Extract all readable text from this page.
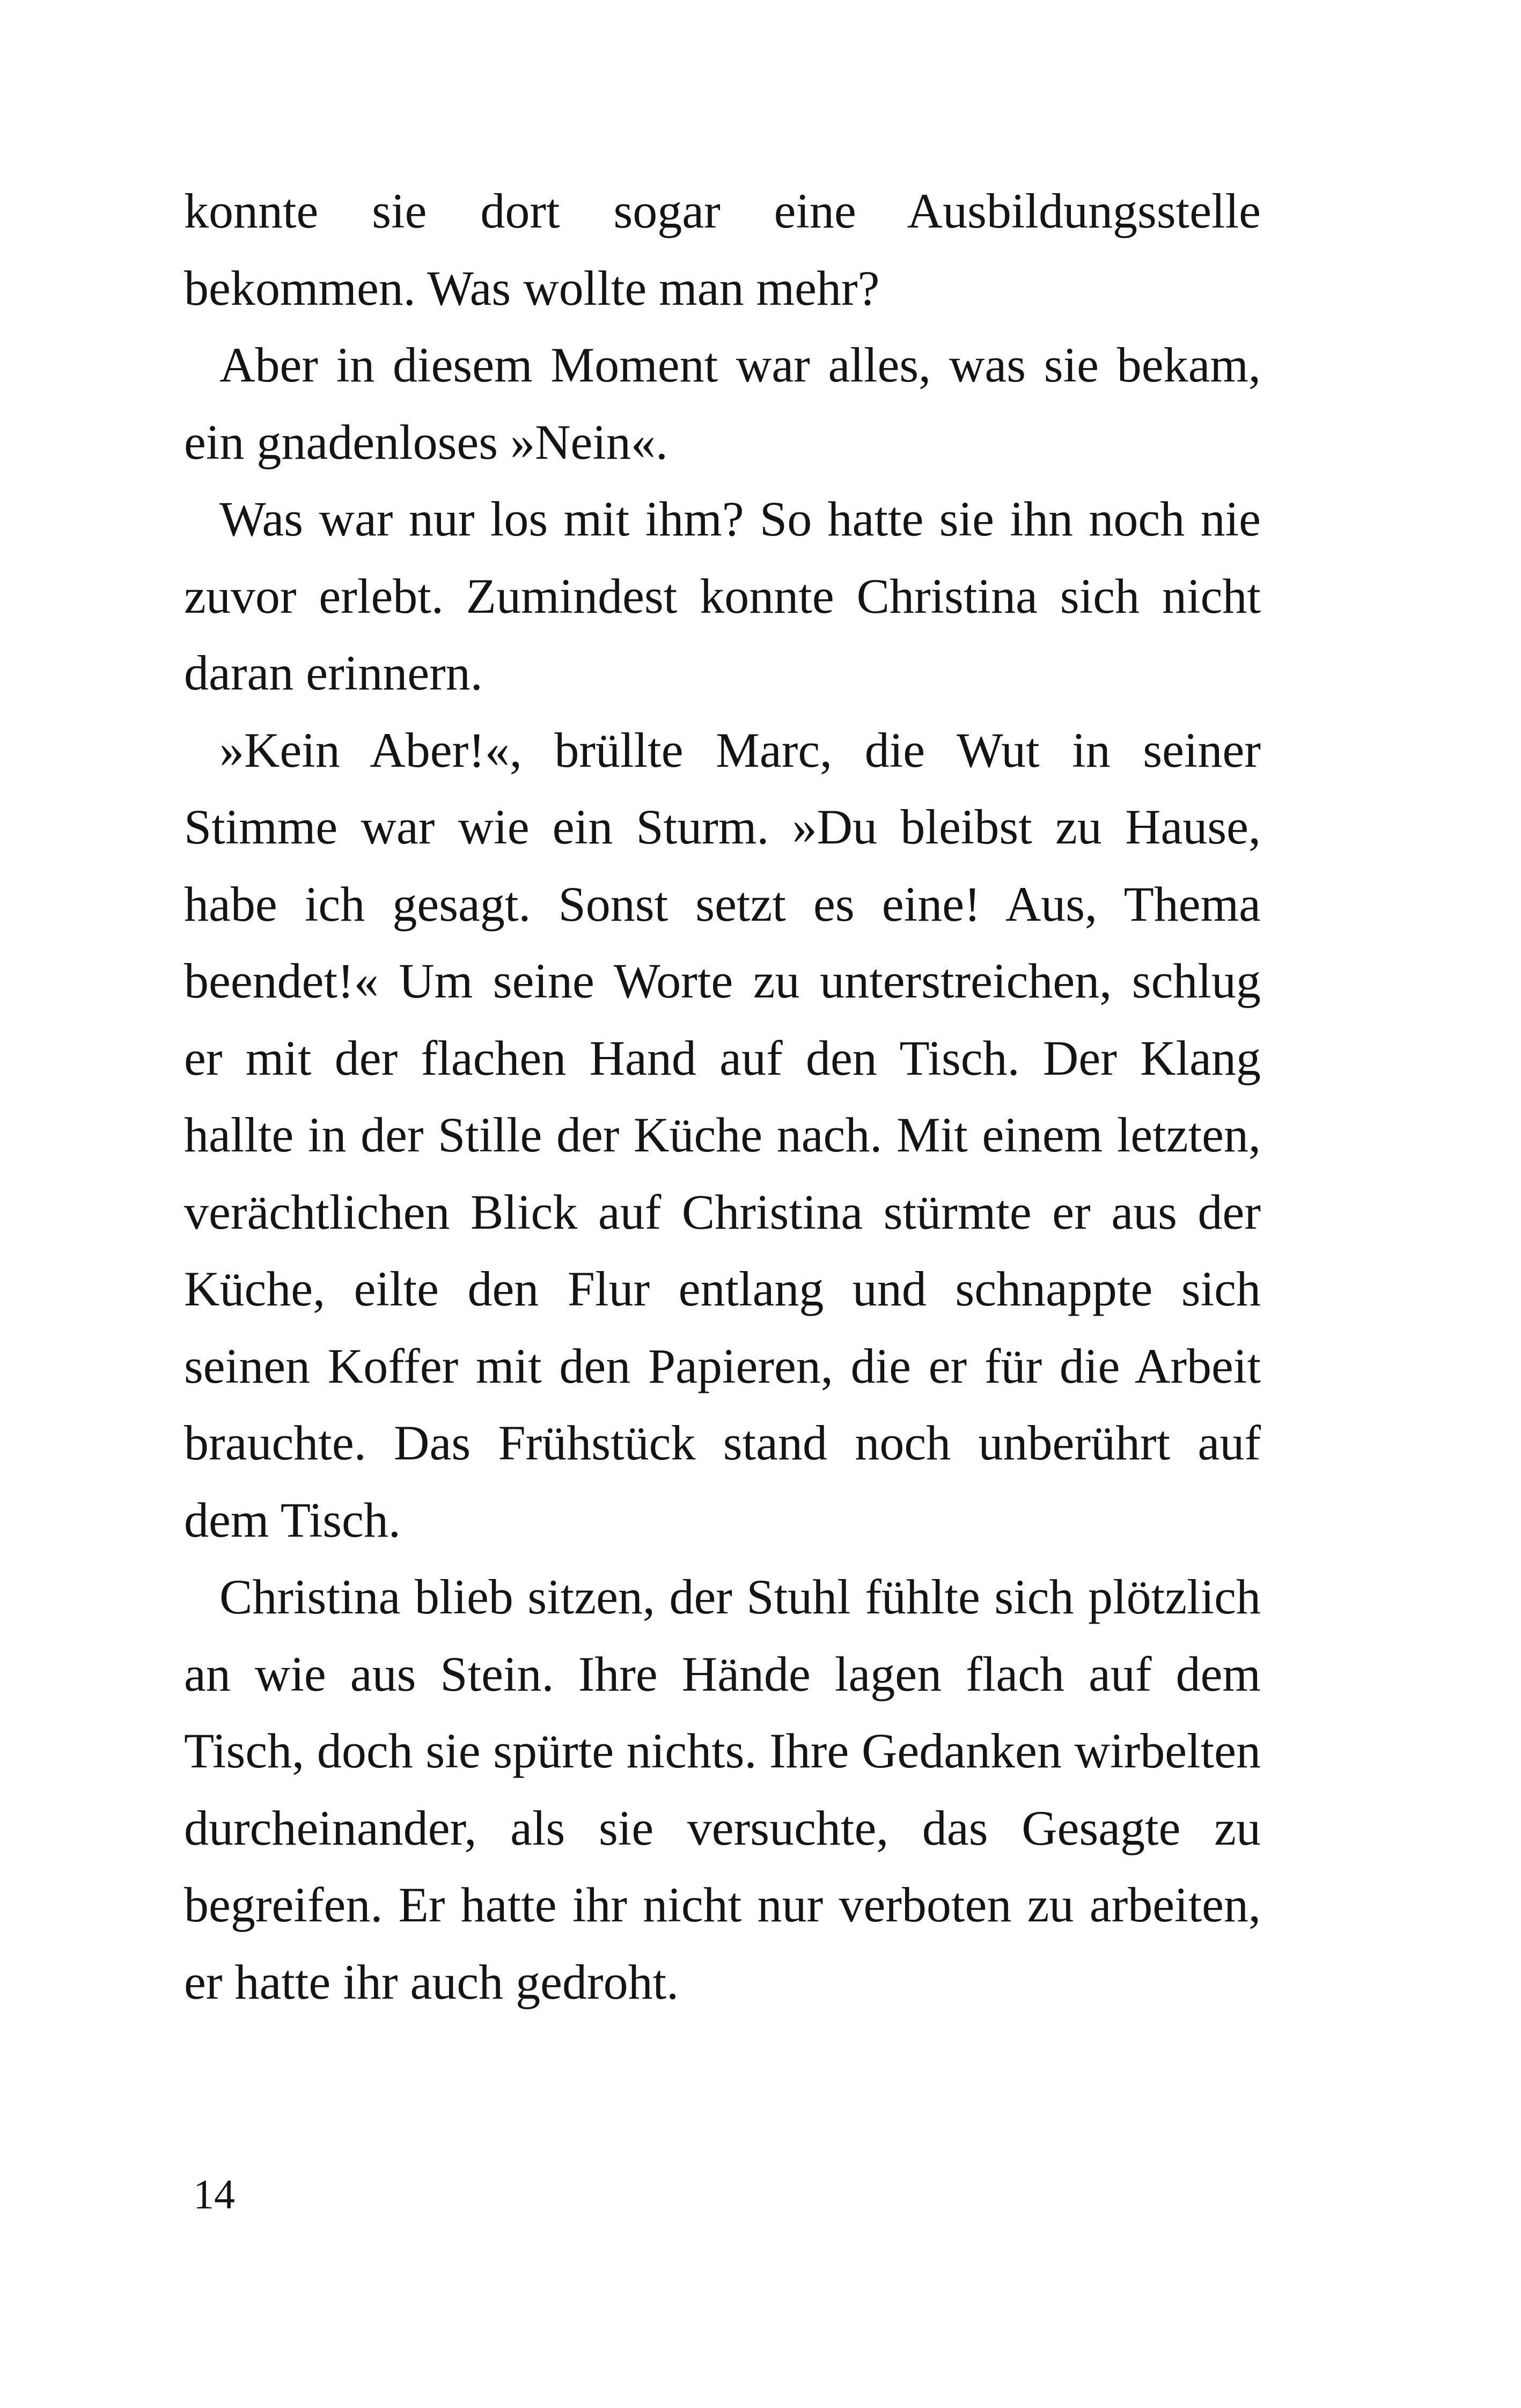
konnte sie dort sogar eine Ausbildungsstelle bekommen. Was wollte man mehr?

Aber in diesem Moment war alles, was sie bekam, ein gnadenloses »Nein«.

Was war nur los mit ihm? So hatte sie ihn noch nie zuvor erlebt. Zumindest konnte Christina sich nicht daran erinnern.

»Kein Aber!«, brüllte Marc, die Wut in seiner Stimme war wie ein Sturm. »Du bleibst zu Hause, habe ich gesagt. Sonst setzt es eine! Aus, Thema beendet!« Um seine Worte zu unterstreichen, schlug er mit der flachen Hand auf den Tisch. Der Klang hallte in der Stille der Küche nach. Mit einem letzten, verächtlichen Blick auf Christina stürmte er aus der Küche, eilte den Flur entlang und schnappte sich seinen Koffer mit den Papieren, die er für die Arbeit brauchte. Das Frühstück stand noch unberührt auf dem Tisch.

Christina blieb sitzen, der Stuhl fühlte sich plötzlich an wie aus Stein. Ihre Hände lagen flach auf dem Tisch, doch sie spürte nichts. Ihre Gedanken wirbelten durcheinander, als sie versuchte, das Gesagte zu begreifen. Er hatte ihr nicht nur verboten zu arbeiten, er hatte ihr auch gedroht.

14
